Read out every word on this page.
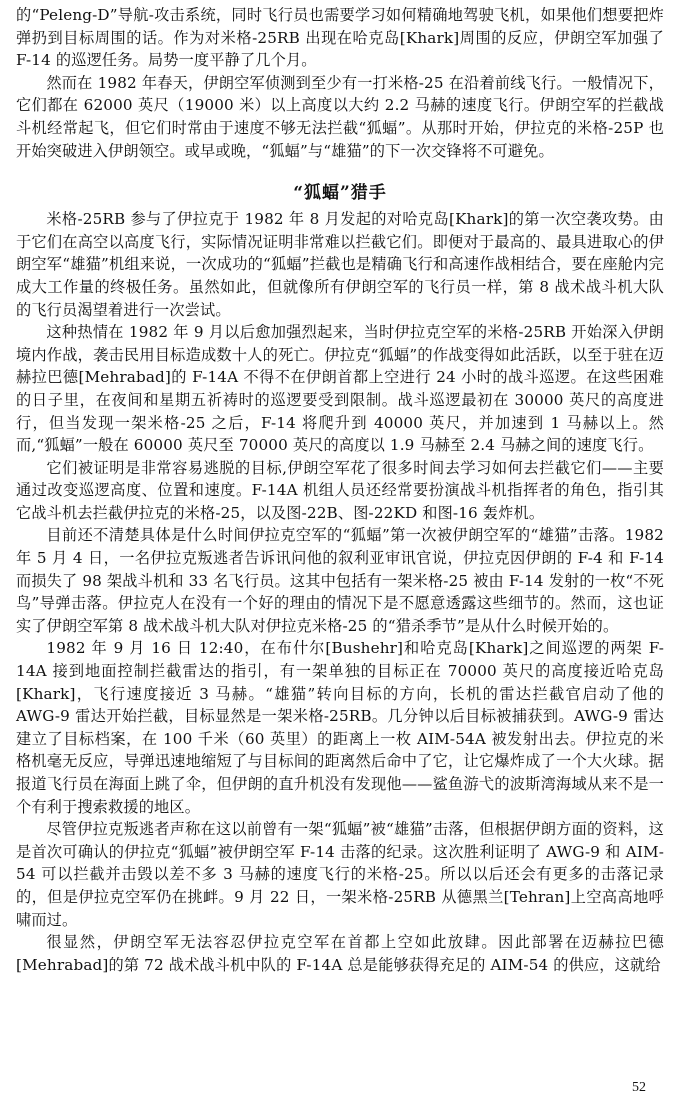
的“Peleng-D”导航-攻击系统，同时飞行员也需要学习如何精确地驾驶飞机，如果他们想要把炸弹扔到目标周围的话。作为对米格-25RB 出现在哈克岛[Khark]周围的反应，伊朗空军加强了 F-14 的巡逻任务。局势一度平静了几个月。

然而在 1982 年春天，伊朗空军侦测到至少有一打米格-25 在沿着前线飞行。一般情况下，它们都在 62000 英尺（19000 米）以上高度以大约 2.2 马赫的速度飞行。伊朗空军的拦截战斗机经常起飞，但它们时常由于速度不够无法拦截“狐蝠”。从那时开始，伊拉克的米格-25P 也开始突破进入伊朗领空。或早或晚，“狐蝠”与“雄猫”的下一次交锋将不可避免。

“狐蝠”猎手

米格-25RB 参与了伊拉克于 1982 年 8 月发起的对哈克岛[Khark]的第一次空袭攻势。由于它们在高空以高度飞行，实际情况证明非常难以拦截它们。即便对于最高的、最具进取心的伊朗空军“雄猫”机组来说，一次成功的“狐蝠”拦截也是精确飞行和高速作战相结合，要在座舱内完成大工作量的终极任务。虽然如此，但就像所有伊朗空军的飞行员一样，第 8 战术战斗机大队的飞行员渴望着进行一次尝试。

这种热情在 1982 年 9 月以后愈加强烈起来，当时伊拉克空军的米格-25RB 开始深入伊朗境内作战，袭击民用目标造成数十人的死亡。伊拉克“狐蝠”的作战变得如此活跃，以至于驻在迈赫拉巴德[Mehrabad]的 F-14A 不得不在伊朗首都上空进行 24 小时的战斗巡逻。在这些困难的日子里，在夜间和星期五祈祷时的巡逻要受到限制。战斗巡逻最初在 30000 英尺的高度进行，但当发现一架米格-25 之后，F-14 将爬升到 40000 英尺，并加速到 1 马赫以上。然而,“狐蝠”一般在 60000 英尺至 70000 英尺的高度以 1.9 马赫至 2.4 马赫之间的速度飞行。

它们被证明是非常容易逃脱的目标,伊朗空军花了很多时间去学习如何去拦截它们——主要通过改变巡逻高度、位置和速度。F-14A 机组人员还经常要扮演战斗机指挥者的角色，指引其它战斗机去拦截伊拉克的米格-25，以及图-22B、图-22KD 和图-16 轰炸机。

目前还不清楚具体是什么时间伊拉克空军的“狐蝠”第一次被伊朗空军的“雄猫”击落。1982 年 5 月 4 日，一名伊拉克叛逃者告诉讯问他的叙利亚审讯官说，伊拉克因伊朗的 F-4 和 F-14 而损失了 98 架战斗机和 33 名飞行员。这其中包括有一架米格-25 被由 F-14 发射的一枚“不死鸟”导弹击落。伊拉克人在没有一个好的理由的情况下是不愿意透露这些细节的。然而，这也证实了伊朗空军第 8 战术战斗机大队对伊拉克米格-25 的“猎杀季节”是从什么时候开始的。

1982 年 9 月 16 日 12:40，在布什尔[Bushehr]和哈克岛[Khark]之间巡逻的两架 F-14A 接到地面控制拦截雷达的指引，有一架单独的目标正在 70000 英尺的高度接近哈克岛[Khark]，飞行速度接近 3 马赫。“雄猫”转向目标的方向，长机的雷达拦截官启动了他的 AWG-9 雷达开始拦截，目标显然是一架米格-25RB。几分钟以后目标被捕获到。AWG-9 雷达建立了目标档案，在 100 千米（60 英里）的距离上一枚 AIM-54A 被发射出去。伊拉克的米格机毫无反应，导弹迅速地缩短了与目标间的距离然后命中了它，让它爆炸成了一个大火球。据报道飞行员在海面上跳了伞，但伊朗的直升机没有发现他——鲨鱼游弋的波斯湾海域从来不是一个有利于搜索救援的地区。

尽管伊拉克叛逃者声称在这以前曾有一架“狐蝠”被“雄猫”击落，但根据伊朗方面的资料，这是首次可确认的伊拉克“狐蝠”被伊朗空军 F-14 击落的纪录。这次胜利证明了 AWG-9 和 AIM-54 可以拦截并击毁以差不多 3 马赫的速度飞行的米格-25。所以以后还会有更多的击落记录的，但是伊拉克空军仍在挑衅。9 月 22 日，一架米格-25RB 从德黑兰[Tehran]上空高高地呼啸而过。

很显然，伊朗空军无法容忍伊拉克空军在首都上空如此放肆。因此部署在迈赫拉巴德[Mehrabad]的第 72 战术战斗机中队的 F-14A 总是能够获得充足的 AIM-54 的供应，这就给

52
